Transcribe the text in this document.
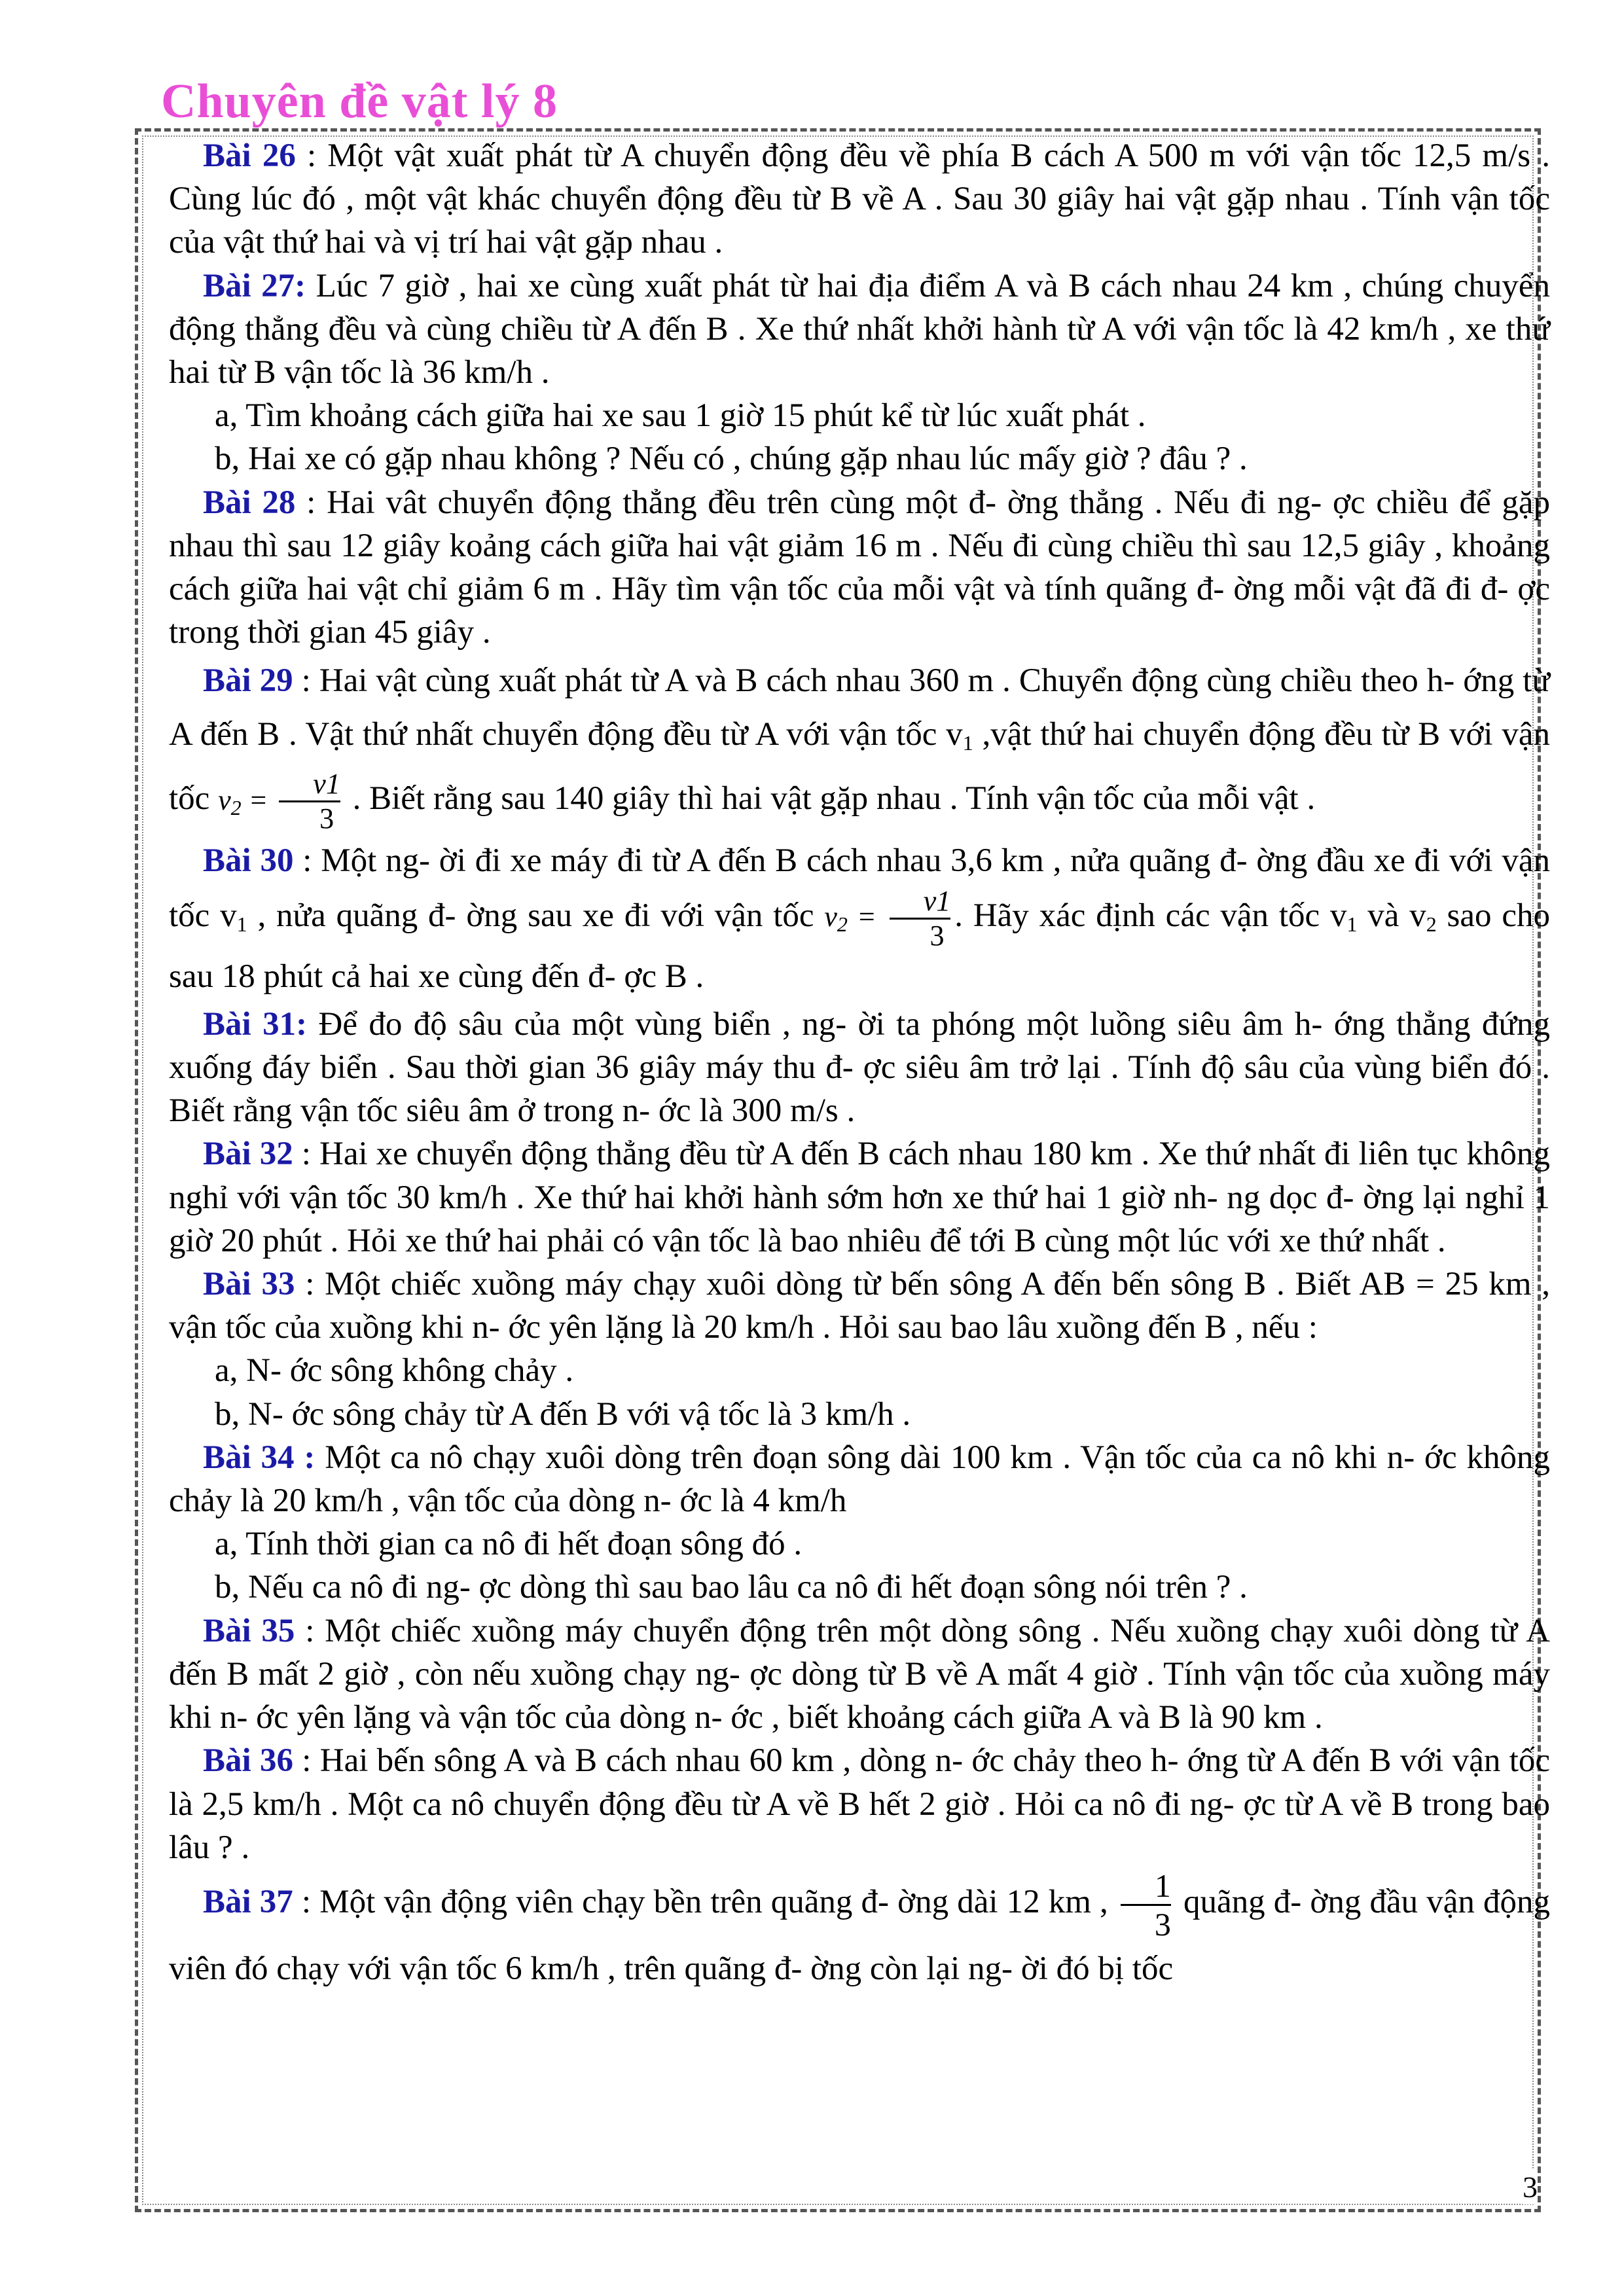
Chuyên đề vật lý 8

Bài 26 : Một vật xuất phát từ A chuyển động đều về phía B cách A 500 m với vận tốc 12,5 m/s . Cùng lúc đó , một vật khác chuyển động đều từ B về A . Sau 30 giây hai vật gặp nhau . Tính vận tốc của vật thứ hai và vị trí hai vật gặp nhau .

Bài 27: Lúc 7 giờ , hai xe cùng xuất phát từ hai địa điểm A và B cách nhau 24 km , chúng chuyển động thẳng đều và cùng chiều từ A đến B . Xe thứ nhất khởi hành từ A với vận tốc là 42 km/h , xe thứ hai từ B vận tốc là 36 km/h .

a, Tìm khoảng cách giữa hai xe sau 1 giờ 15 phút kể từ lúc xuất phát .

b, Hai xe có gặp nhau không ? Nếu có , chúng gặp nhau lúc mấy giờ ? đâu ? .

Bài 28 : Hai vât chuyển động thẳng đều trên cùng một đ- ờng thẳng . Nếu đi ng- ợc chiều để gặp nhau thì sau 12 giây koảng cách giữa hai vật giảm 16 m . Nếu đi cùng chiều thì sau 12,5 giây , khoảng cách giữa hai vật chỉ giảm 6 m . Hãy tìm vận tốc của mỗi vật và tính quãng đ- ờng mỗi vật đã đi đ- ợc trong thời gian 45 giây .

Bài 29 : Hai vật cùng xuất phát từ A và B cách nhau 360 m . Chuyển động cùng chiều theo h- ớng từ A đến B . Vật thứ nhất chuyển động đều từ A với vận tốc $v_1$ ,vật thứ hai chuyển động đều từ B với vận tốc $v_2 = \frac{v1}{3}$ . Biết rằng sau 140 giây thì hai vật gặp nhau . Tính vận tốc của mỗi vật .

Bài 30 : Một ng- ời đi xe máy đi từ A đến B cách nhau 3,6 km , nửa quãng đ- ờng đầu xe đi với vận tốc $v_1$ , nửa quãng đ- ờng sau xe đi với vận tốc $v_2 = \frac{v1}{3}$ . Hãy xác định các vận tốc $v_1$ và $v_2$ sao cho sau 18 phút cả hai xe cùng đến đ- ợc B .

Bài 31: Để đo độ sâu của một vùng biển , ng- ời ta phóng một luồng siêu âm h- ớng thẳng đứng xuống đáy biển . Sau thời gian 36 giây máy thu đ- ợc siêu âm trở lại . Tính độ sâu của vùng biển đó . Biết rằng vận tốc siêu âm ở trong n- ớc là 300 m/s .

Bài 32 : Hai xe chuyển động thẳng đều từ A đến B cách nhau 180 km . Xe thứ nhất đi liên tục không nghỉ với vận tốc 30 km/h . Xe thứ hai khởi hành sớm hơn xe thứ hai 1 giờ nh- ng dọc đ- ờng lại nghỉ 1 giờ 20 phút . Hỏi xe thứ hai phải có vận tốc là bao nhiêu để tới B cùng một lúc với xe thứ nhất .

Bài 33 : Một chiếc xuồng máy chạy xuôi dòng từ bến sông A đến bến sông B . Biết AB = 25 km , vận tốc của xuồng khi n- ớc yên lặng là 20 km/h . Hỏi sau bao lâu xuồng đến B , nếu :

a, N- ớc sông không chảy .

b, N- ớc sông chảy từ A đến B với vậ tốc là 3 km/h .

Bài 34 : Một ca nô chạy xuôi dòng trên đoạn sông dài 100 km . Vận tốc của ca nô khi n- ớc không chảy là 20 km/h , vận tốc của dòng n- ớc là 4 km/h

a, Tính thời gian ca nô đi hết đoạn sông đó .

b, Nếu ca nô đi ng- ợc dòng thì sau bao lâu ca nô đi hết đoạn sông nói trên ? .

Bài 35 : Một chiếc xuồng máy chuyển động trên một dòng sông . Nếu xuồng chạy xuôi dòng từ A đến B mất 2 giờ , còn nếu xuồng chạy ng- ợc dòng từ B về A mất 4 giờ . Tính vận tốc của xuồng máy khi n- ớc yên lặng và vận tốc của dòng n- ớc , biết khoảng cách giữa A và B là 90 km .

Bài 36 : Hai bến sông A và B cách nhau 60 km , dòng n- ớc chảy theo h- ớng từ A đến B với vận tốc là 2,5 km/h . Một ca nô chuyển động đều từ A về B hết 2 giờ . Hỏi ca nô đi ng- ợc từ A về B trong bao lâu ? .

Bài 37 : Một vận động viên chạy bền trên quãng đ- ờng dài 12 km , $\frac{1}{3}$ quãng đ- ờng đầu vận động viên đó chạy với vận tốc 6 km/h , trên quãng đ- ờng còn lại ng- ời đó bị tốc

3
